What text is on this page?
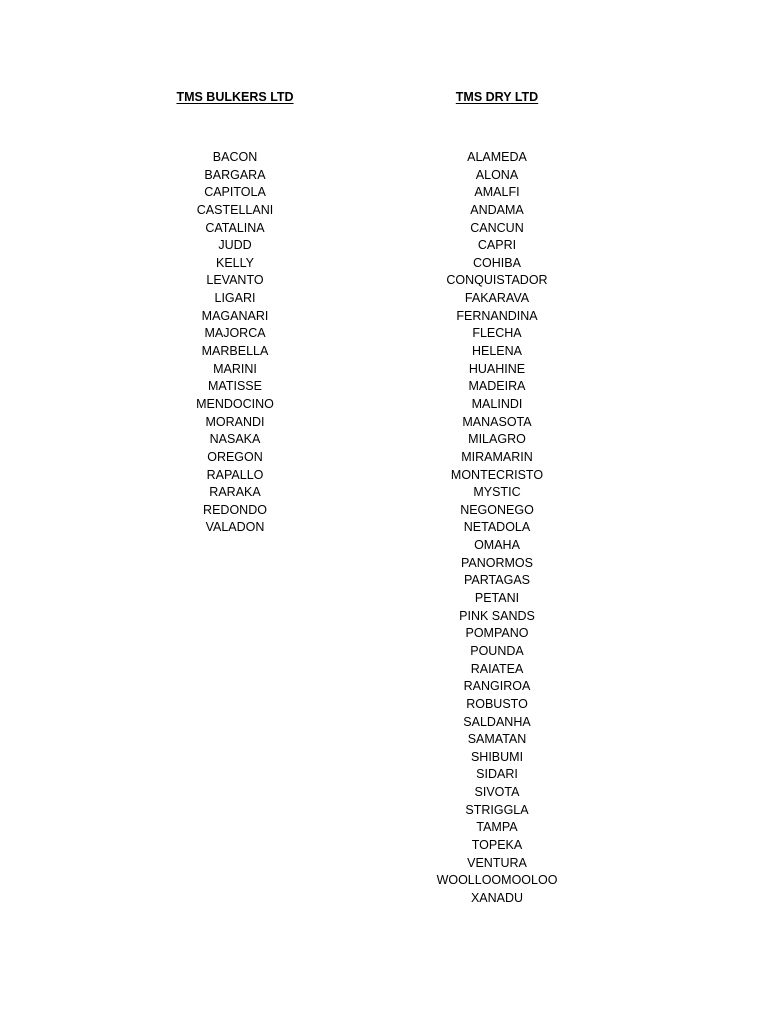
TMS BULKERS LTD
BACON
BARGARA
CAPITOLA
CASTELLANI
CATALINA
JUDD
KELLY
LEVANTO
LIGARI
MAGANARI
MAJORCA
MARBELLA
MARINI
MATISSE
MENDOCINO
MORANDI
NASAKA
OREGON
RAPALLO
RARAKA
REDONDO
VALADON
TMS DRY LTD
ALAMEDA
ALONA
AMALFI
ANDAMA
CANCUN
CAPRI
COHIBA
CONQUISTADOR
FAKARAVA
FERNANDINA
FLECHA
HELENA
HUAHINE
MADEIRA
MALINDI
MANASOTA
MILAGRO
MIRAMARIN
MONTECRISTO
MYSTIC
NEGONEGO
NETADOLA
OMAHA
PANORMOS
PARTAGAS
PETANI
PINK SANDS
POMPANO
POUNDA
RAIATEA
RANGIROA
ROBUSTO
SALDANHA
SAMATAN
SHIBUMI
SIDARI
SIVOTA
STRIGGLA
TAMPA
TOPEKA
VENTURA
WOOLLOOMOOLOO
XANADU
